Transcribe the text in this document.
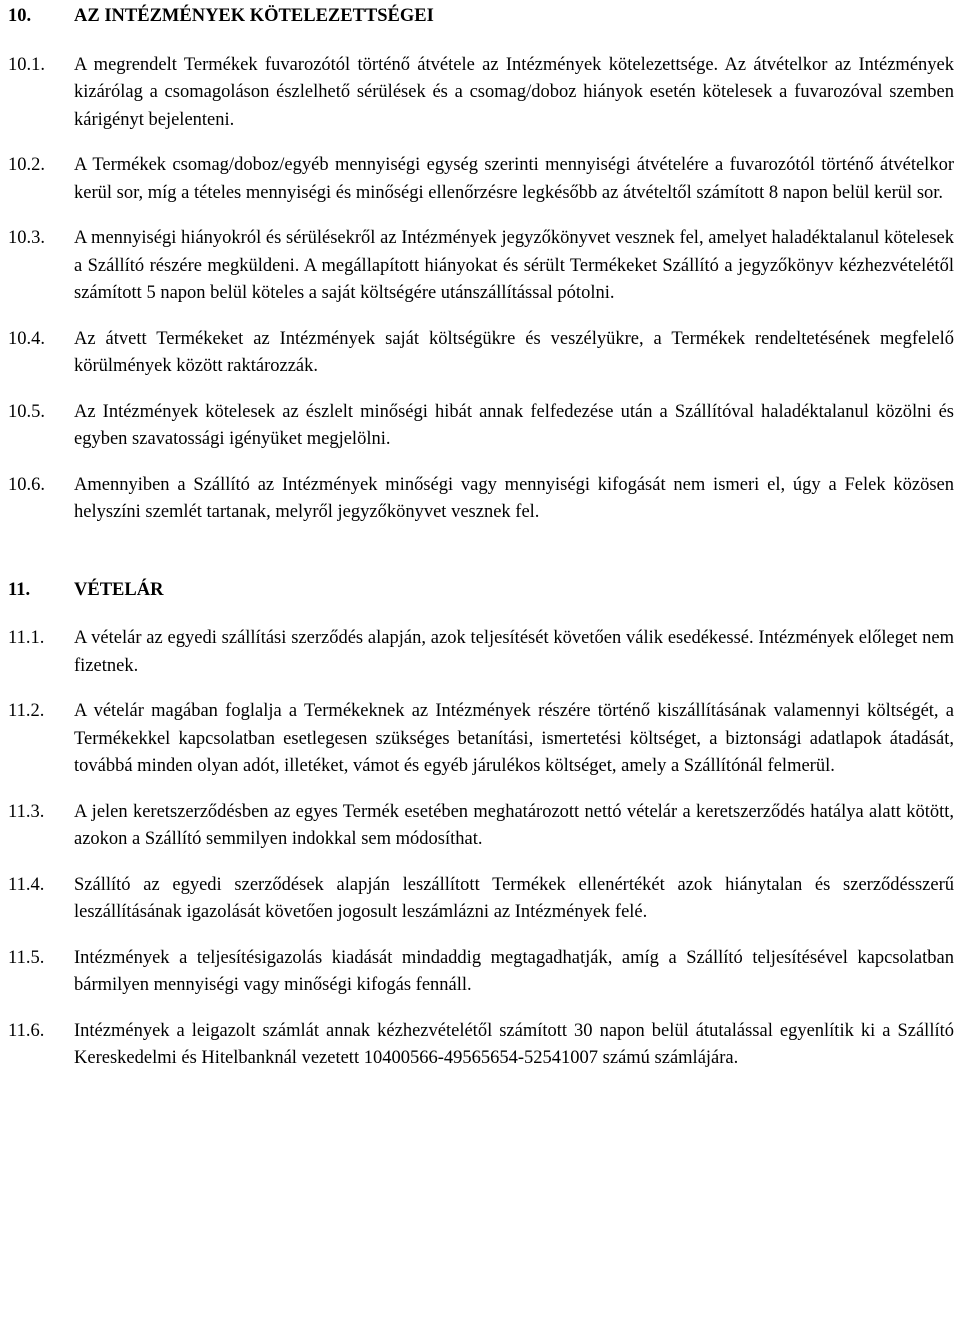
10.	AZ INTÉZMÉNYEK KÖTELEZETTSÉGEI
10.1.	A megrendelt Termékek fuvarozótól történő átvétele az Intézmények kötelezettsége. Az átvételkor az Intézmények kizárólag a csomagoláson észlelhető sérülések és a csomag/doboz hiányok esetén kötelesek a fuvarozóval szemben kárigényt bejelenteni.
10.2.	A Termékek csomag/doboz/egyéb mennyiségi egység szerinti mennyiségi átvételére a fuvarozótól történő átvételkor kerül sor, míg a tételes mennyiségi és minőségi ellenőrzésre legkésőbb az átvételtől számított 8 napon belül kerül sor.
10.3.	A mennyiségi hiányokról és sérülésekről az Intézmények jegyzőkönyvet vesznek fel, amelyet haladéktalanul kötelesek a Szállító részére megküldeni. A megállapított hiányokat és sérült Termékeket Szállító a jegyzőkönyv kézhezvételétől számított 5 napon belül köteles a saját költségére utánszállítással pótolni.
10.4.	Az átvett Termékeket az Intézmények saját költségükre és veszélyükre, a Termékek rendeltetésének megfelelő körülmények között raktározzák.
10.5.	Az Intézmények kötelesek az észlelt minőségi hibát annak felfedezése után a Szállítóval haladéktalanul közölni és egyben szavatossági igényüket megjelölni.
10.6.	Amennyiben a Szállító az Intézmények minőségi vagy mennyiségi kifogását nem ismeri el, úgy a Felek közösen helyszíni szemlét tartanak, melyről jegyzőkönyvet vesznek fel.
11.	VÉTELÁR
11.1.	A vételár az egyedi szállítási szerződés alapján, azok teljesítését követően válik esedékessé. Intézmények előleget nem fizetnek.
11.2.	A vételár magában foglalja a Termékeknek az Intézmények részére történő kiszállításának valamennyi költségét, a Termékekkel kapcsolatban esetlegesen szükséges betanítási, ismertetési költséget, a biztonsági adatlapok átadását, továbbá minden olyan adót, illetéket, vámot és egyéb járulékos költséget, amely a Szállítónál felmerül.
11.3.	A jelen keretszerződésben az egyes Termék esetében meghatározott nettó vételár a keretszerződés hatálya alatt kötött, azokon a Szállító semmilyen indokkal sem módosíthat.
11.4.	Szállító az egyedi szerződések alapján leszállított Termékek ellenértékét azok hiánytalan és szerződésszerű leszállításának igazolását követően jogosult leszámlázni az Intézmények felé.
11.5.	Intézmények a teljesítésigazolás kiadását mindaddig megtagadhatják, amíg a Szállító teljesítésével kapcsolatban bármilyen mennyiségi vagy minőségi kifogás fennáll.
11.6.	Intézmények a leigazolt számlát annak kézhezvételétől számított 30 napon belül átutalással egyenlítik ki a Szállító Kereskedelmi és Hitelbanknál vezetett 10400566-49565654-52541007 számú számlájára.
